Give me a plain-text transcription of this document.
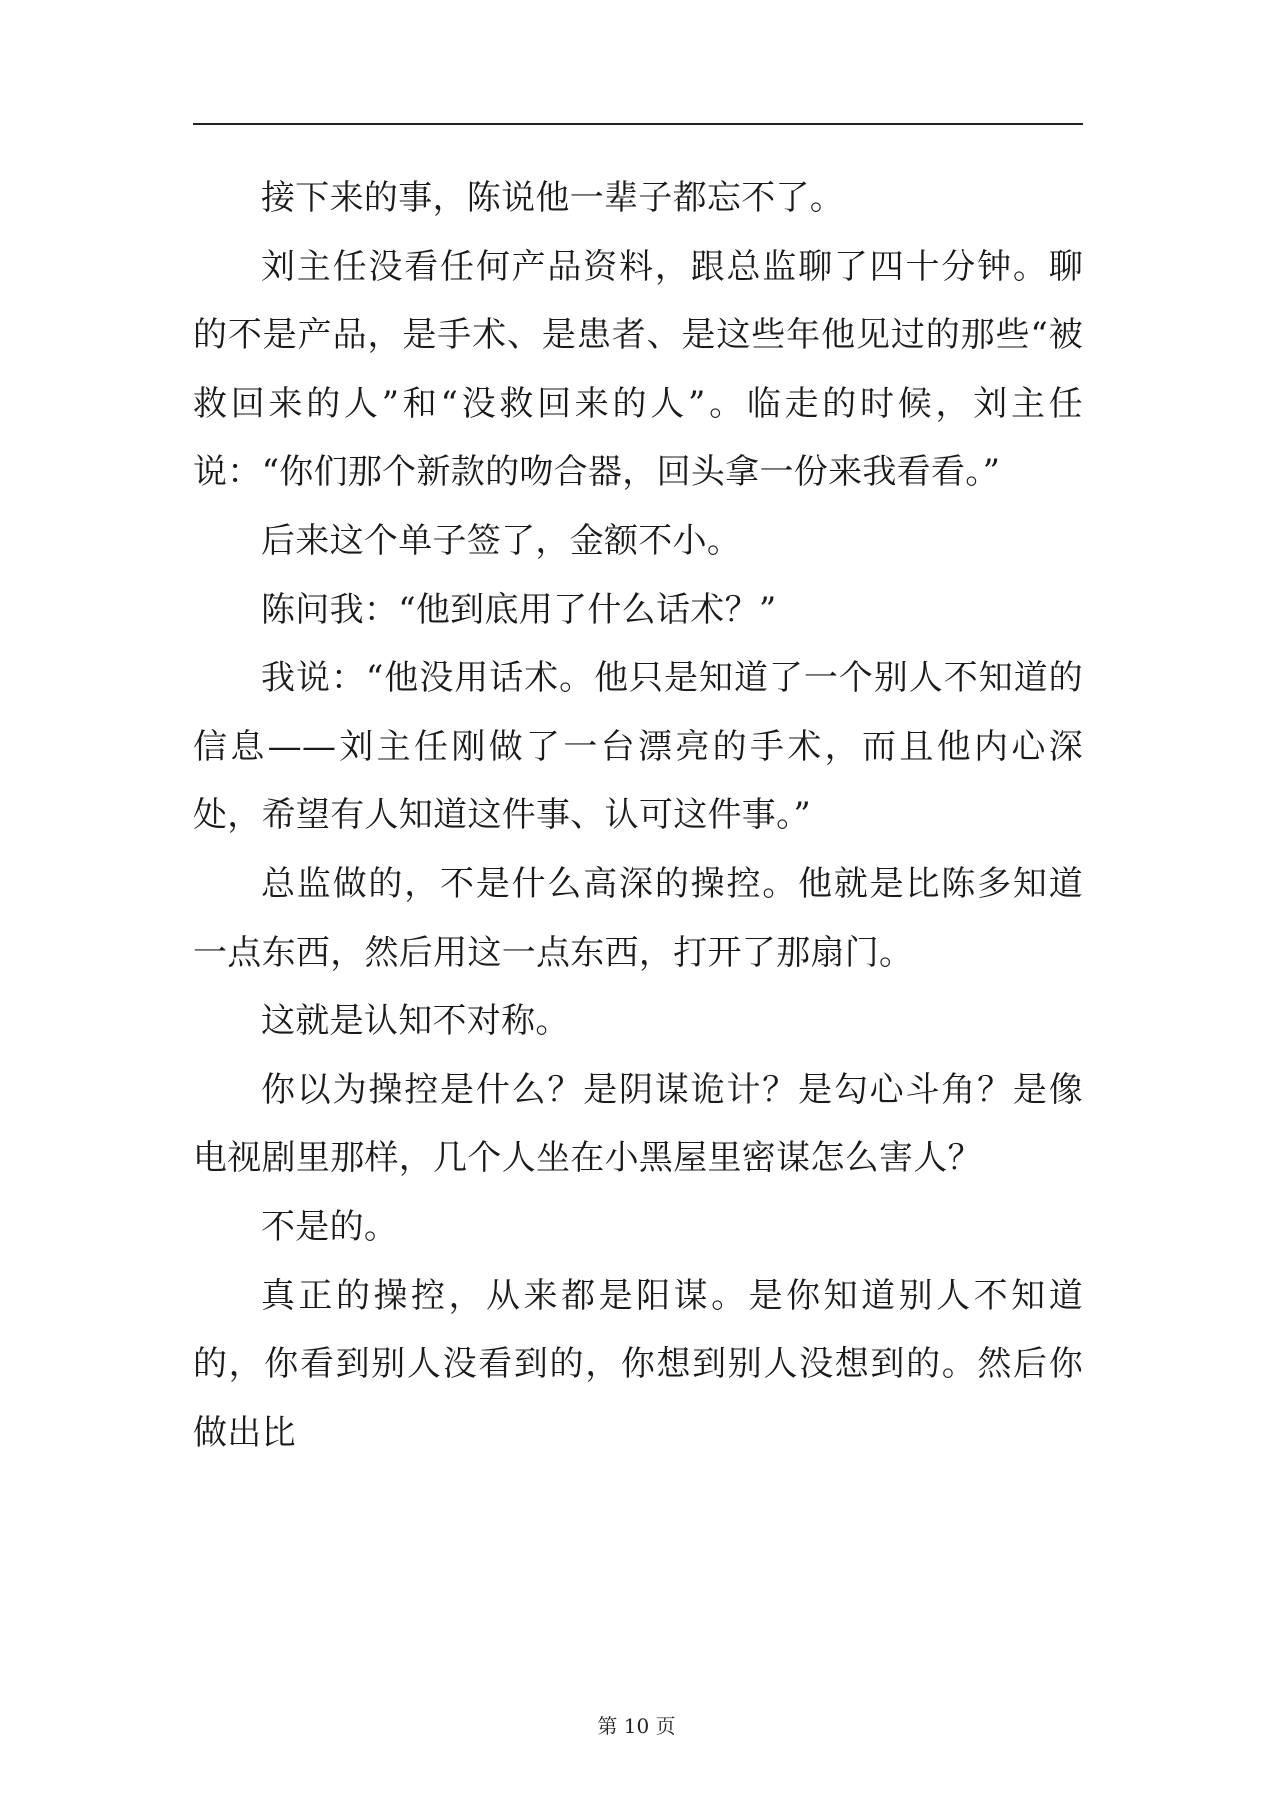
接下来的事，陈说他一辈子都忘不了。

刘主任没看任何产品资料，跟总监聊了四十分钟。聊的不是产品，是手术、是患者、是这些年他见过的那些“被救回来的人”和“没救回来的人”。临走的时候，刘主任说：“你们那个新款的吻合器，回头拿一份来我看看。”

后来这个单子签了，金额不小。

陈问我：“他到底用了什么话术？”

我说：“他没用话术。他只是知道了一个别人不知道的信息——刘主任刚做了一台漂亮的手术，而且他内心深处，希望有人知道这件事、认可这件事。”

总监做的，不是什么高深的操控。他就是比陈多知道一点东西，然后用这一点东西，打开了那扇门。

这就是认知不对称。

你以为操控是什么？是阴谋诡计？是勾心斗角？是像电视剧里那样，几个人坐在小黑屋里密谋怎么害人？

不是的。

真正的操控，从来都是阳谋。是你知道别人不知道的，你看到别人没看到的，你想到别人没想到的。然后你做出比

第 10 页
